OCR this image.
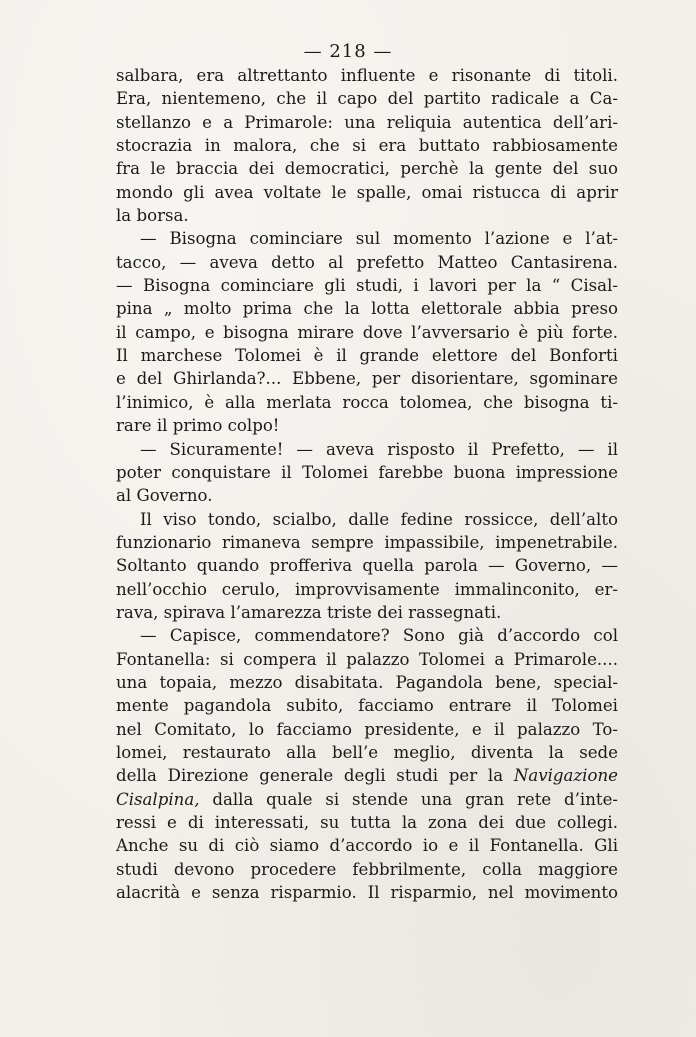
— 218 —
salbara, era altrettanto influente e risonante di titoli.
Era, nientemeno, che il capo del partito radicale a Ca-
stellanzo e a Primarole: una reliquia autentica dell’ari-
stocrazia in malora, che si era buttato rabbiosamente
fra le braccia dei democratici, perchè la gente del suo
mondo gli avea voltate le spalle, omai ristucca di aprir
la borsa.
— Bisogna cominciare sul momento l’azione e l’at-
tacco, — aveva detto al prefetto Matteo Cantasirena.
— Bisogna cominciare gli studi, i lavori per la “ Cisal-
pina „ molto prima che la lotta elettorale abbia preso
il campo, e bisogna mirare dove l’avversario è più forte.
Il marchese Tolomei è il grande elettore del Bonforti
e del Ghirlanda?... Ebbene, per disorientare, sgominare
l’inimico, è alla merlata rocca tolomea, che bisogna ti-
rare il primo colpo!
— Sicuramente! — aveva risposto il Prefetto, — il
poter conquistare il Tolomei farebbe buona impressione
al Governo.
Il viso tondo, scialbo, dalle fedine rossicce, dell’alto
funzionario rimaneva sempre impassibile, impenetrabile.
Soltanto quando profferiva quella parola — Governo, —
nell’occhio cerulo, improvvisamente immalinconito, er-
rava, spirava l’amarezza triste dei rassegnati.
— Capisce, commendatore? Sono già d’accordo col
Fontanella: si compera il palazzo Tolomei a Primarole....
una topaia, mezzo disabitata. Pagandola bene, special-
mente pagandola subito, facciamo entrare il Tolomei
nel Comitato, lo facciamo presidente, e il palazzo To-
lomei, restaurato alla bell’e meglio, diventa la sede
della Direzione generale degli studi per la Navigazione
Cisalpina, dalla quale si stende una gran rete d’inte-
ressi e di interessati, su tutta la zona dei due collegi.
Anche su di ciò siamo d’accordo io e il Fontanella. Gli
studi devono procedere febbrilmente, colla maggiore
alacrità e senza risparmio. Il risparmio, nel movimento
